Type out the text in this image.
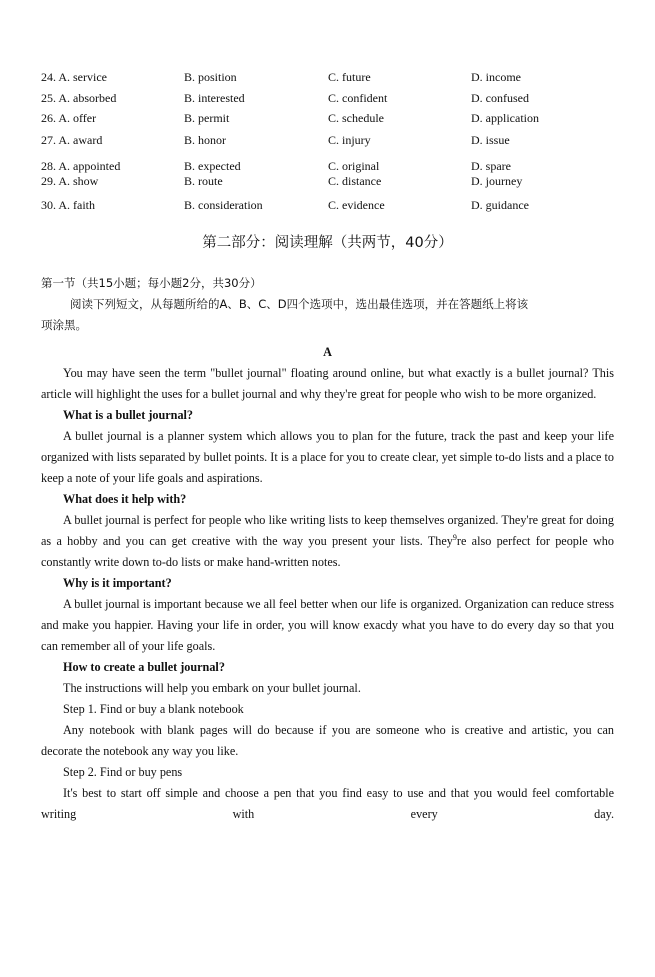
24. A. service	B. position	C. future	D. income
25. A. absorbed	B. interested	C. confident	D. confused
26. A. offer	B. permit	C. schedule	D. application
27. A. award	B. honor	C. injury	D. issue
28. A. appointed	B. expected	C. original	D. spare
29. A. show	B. route	C. distance	D. journey
30. A. faith	B. consideration	C. evidence	D. guidance
第二部分：阅读理解（共两节，40分）
第一节（共15小题；每小题2分，共30分）
阅读下列短文，从每题所给的A、B、C、D四个选项中，选出最佳选项，并在答题纸上将该
项涂黑。

A

You may have seen the term "bullet journal" floating around online, but what exactly is a bullet journal? This article will highlight the uses for a bullet journal and why they're great for people who wish to be more organized.

What is a bullet journal?

A bullet journal is a planner system which allows you to plan for the future, track the past and keep your life organized with lists separated by bullet points. It is a place for you to create clear, yet simple to-do lists and a place to keep a note of your life goals and aspirations.

What does it help with?

A bullet journal is perfect for people who like writing lists to keep themselves organized. They're great for doing as a hobby and you can get creative with the way you present your lists. They$^9$re also perfect for people who constantly write down to-do lists or make hand-written notes.

Why is it important?

A bullet journal is important because we all feel better when our life is organized. Organization can reduce stress and make you happier. Having your life in order, you will know exacdy what you have to do every day so that you can remember all of your life goals.

How to create a bullet journal?

The instructions will help you embark on your bullet journal.

Step 1. Find or buy a blank notebook

Any notebook with blank pages will do because if you are someone who is creative and artistic, you can decorate the notebook any way you like.

Step 2. Find or buy pens

It's best to start off simple and choose a pen that you find easy to use and that you would feel comfortable writing with every day.
